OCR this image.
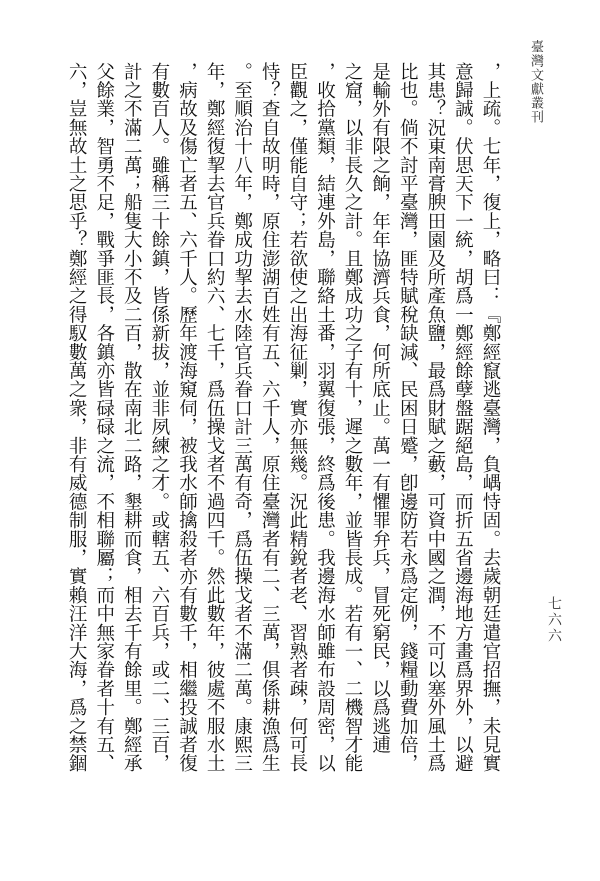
臺灣文獻叢刊
七六六
，上疏。七年，復上，略曰：『鄭經竄逃臺灣，負嵎恃固。去歲朝廷遣官招撫，未見實
意歸誠。伏思天下一統，胡爲一鄭經餘孽盤踞絕島，而折五省邊海地方畫爲界外，以避
其患？況東南膏腴田園及所產魚鹽，最爲財賦之藪，可資中國之潤，不可以塞外風土爲
比也。倘不討平臺灣，匪特賦稅缺減、民困日蹙，卽邊防若永爲定例，錢糧動費加倍，
是輸外有限之餉，年年協濟兵食，何所底止。萬一有懼罪弁兵，冒死窮民，以爲逃逋
之窟，以非長久之計。且鄭成功之子有十，遲之數年，並皆長成。若有一、二機智才能
，收拾黨類，結連外島，聯絡土番，羽翼復張，終爲後患。我邊海水師雖布設周密，以
臣觀之，僅能自守；若欲使之出海征剿，實亦無幾。況此精銳者老、習熟者疎，何可長
恃？查自故明時，原住澎湖百姓有五、六千人，原住臺灣者有二、三萬，俱係耕漁爲生
。至順治十八年，鄭成功挈去水陸官兵眷口計三萬有奇，爲伍操戈者不滿二萬。康熙三
年，鄭經復挈去官兵眷口約六、七千，爲伍操戈者不過四千。然此數年，彼處不服水土
，病故及傷亡者五、六千人。歷年渡海窺伺，被我水師擒殺者亦有數千，相繼投誠者復
有數百人。雖稱三十餘鎮，皆係新拔，並非夙練之才。或轄五、六百兵，或二、三百，
計之不滿二萬；船隻大小不及二百，散在南北二路，墾耕而食，相去千有餘里。鄭經承
父餘業，智勇不足，戰爭匪長，各鎮亦皆碌碌之流，不相聯屬；而中無家眷者十有五、
六，豈無故土之思乎？鄭經之得馭數萬之衆，非有威德制服，實賴汪洋大海，爲之禁錮
